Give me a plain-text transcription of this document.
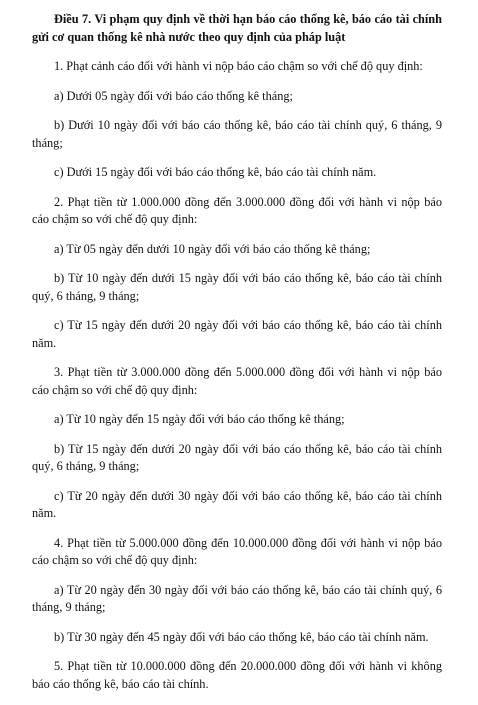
Điều 7. Vi phạm quy định về thời hạn báo cáo thống kê, báo cáo tài chính gửi cơ quan thống kê nhà nước theo quy định của pháp luật

1. Phạt cảnh cáo đối với hành vi nộp báo cáo chậm so với chế độ quy định:

a) Dưới 05 ngày đối với báo cáo thống kê tháng;

b) Dưới 10 ngày đối với báo cáo thống kê, báo cáo tài chính quý, 6 tháng, 9 tháng;

c) Dưới 15 ngày đối với báo cáo thống kê, báo cáo tài chính năm.

2. Phạt tiền từ 1.000.000 đồng đến 3.000.000 đồng đối với hành vi nộp báo cáo chậm so với chế độ quy định:

a) Từ 05 ngày đến dưới 10 ngày đối với báo cáo thống kê tháng;

b) Từ 10 ngày đến dưới 15 ngày đối với báo cáo thống kê, báo cáo tài chính quý, 6 tháng, 9 tháng;

c) Từ 15 ngày đến dưới 20 ngày đối với báo cáo thống kê, báo cáo tài chính năm.

3. Phạt tiền từ 3.000.000 đồng đến 5.000.000 đồng đối với hành vi nộp báo cáo chậm so với chế độ quy định:

a) Từ 10 ngày đến 15 ngày đối với báo cáo thống kê tháng;

b) Từ 15 ngày đến dưới 20 ngày đối với báo cáo thống kê, báo cáo tài chính quý, 6 tháng, 9 tháng;

c) Từ 20 ngày đến dưới 30 ngày đối với báo cáo thống kê, báo cáo tài chính năm.

4. Phạt tiền từ 5.000.000 đồng đến 10.000.000 đồng đối với hành vi nộp báo cáo chậm so với chế độ quy định:

a) Từ 20 ngày đến 30 ngày đối với báo cáo thống kê, báo cáo tài chính quý, 6 tháng, 9 tháng;

b) Từ 30 ngày đến 45 ngày đối với báo cáo thống kê, báo cáo tài chính năm.

5. Phạt tiền từ 10.000.000 đồng đến 20.000.000 đồng đối với hành vi không báo cáo thống kê, báo cáo tài chính.
